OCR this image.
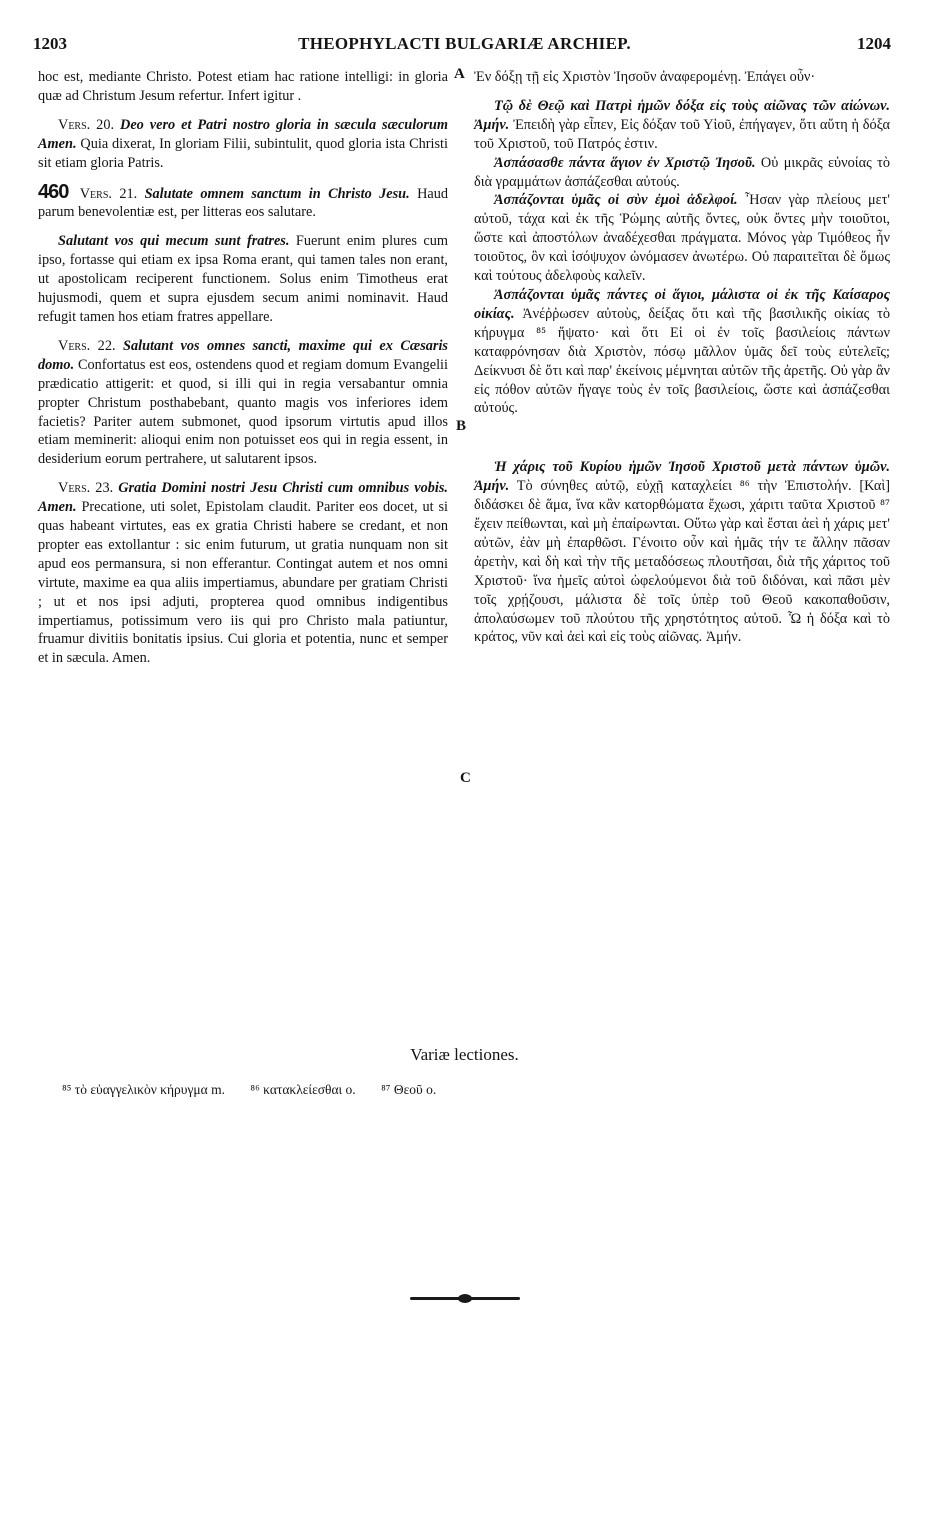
1203	THEOPHYLACTI BULGARIÆ ARCHIEP.	1204
A
B
C

hoc est, mediante Christo. Potest etiam hac ratione intelligi: in gloria quæ ad Christum Jesum refertur. Infert igitur .

Vers. 20. Deo vero et Patri nostro gloria in sæcula sæculorum Amen. Quia dixerat, In gloriam Filii, subintulit, quod gloria ista Christi sit etiam gloria Patris.

460 Vers. 21. Salutate omnem sanctum in Christo Jesu. Haud parum benevolentiæ est, per litteras eos salutare.

Salutant vos qui mecum sunt fratres. Fuerunt enim plures cum ipso, fortasse qui etiam ex ipsa Roma erant, qui tamen tales non erant, ut apostolicam reciperent functionem. Solus enim Timotheus erat hujusmodi, quem et supra ejusdem secum animi nominavit. Haud refugit tamen hos etiam fratres appellare.

Vers. 22. Salutant vos omnes sancti, maxime qui ex Cæsaris domo. Confortatus est eos, ostendens quod et regiam domum Evangelii prædicatio attigerit: et quod, si illi qui in regia versabantur omnia propter Christum posthabebant, quanto magis vos inferiores idem facietis? Pariter autem submonet, quod ipsorum virtutis apud illos etiam meminerit: alioqui enim non potuisset eos qui in regia essent, in desiderium eorum pertrahere, ut salutarent ipsos.

Vers. 23. Gratia Domini nostri Jesu Christi cum omnibus vobis. Amen. Precatione, uti solet, Epistolam claudit. Pariter eos docet, ut si quas habeant virtutes, eas ex gratia Christi habere se credant, et non propter eas extollantur : sic enim futurum, ut gratia nunquam non sit apud eos permansura, si non efferantur. Contingat autem et nos omni virtute, maxime ea qua aliis impertiamus, abundare per gratiam Christi ; ut et nos ipsi adjuti, propterea quod omnibus indigentibus impertiamus, potissimum vero iis qui pro Christo mala patiuntur, fruamur divitiis bonitatis ipsius. Cui gloria et potentia, nunc et semper et in sæcula. Amen.

Ἐν δόξῃ τῇ εἰς Χριστὸν Ἰησοῦν ἀναφερομένῃ. Ἐπάγει οὖν·

Τῷ δὲ Θεῷ καὶ Πατρὶ ἡμῶν δόξα εἰς τοὺς αἰῶνας τῶν αἰώνων. Ἀμήν. Ἐπειδὴ γὰρ εἶπεν, Εἰς δόξαν τοῦ Υἱοῦ, ἐπήγαγεν, ὅτι αὕτη ἡ δόξα τοῦ Χριστοῦ, τοῦ Πατρός ἐστιν.

Ἀσπάσασθε πάντα ἅγιον ἐν Χριστῷ Ἰησοῦ. Οὐ μικρᾶς εὐνοίας τὸ διὰ γραμμάτων ἀσπάζεσθαι αὐτούς.

Ἀσπάζονται ὑμᾶς οἱ σὺν ἐμοὶ ἀδελφοί. Ἦσαν γὰρ πλείους μετ' αὐτοῦ, τάχα καὶ ἐκ τῆς Ῥώμης αὐτῆς ὄντες, οὐκ ὄντες μὴν τοιοῦτοι, ὥστε καὶ ἀποστόλων ἀναδέχεσθαι πράγματα. Μόνος γὰρ Τιμόθεος ἦν τοιοῦτος, ὃν καὶ ἰσόψυχον ὠνόμασεν ἀνωτέρω. Οὐ παραιτεῖται δὲ ὅμως καὶ τούτους ἀδελφοὺς καλεῖν.

Ἀσπάζονται ὑμᾶς πάντες οἱ ἅγιοι, μάλιστα οἱ ἐκ τῆς Καίσαρος οἰκίας. Ἀνέῤῥωσεν αὐτοὺς, δείξας ὅτι καὶ τῆς βασιλικῆς οἰκίας τὸ κήρυγμα ⁸⁵ ἥψατο· καὶ ὅτι Εἰ οἱ ἐν τοῖς βασιλείοις πάντων καταφρόνησαν διὰ Χριστὸν, πόσῳ μᾶλλον ὑμᾶς δεῖ τοὺς εὐτελεῖς; Δείκνυσι δὲ ὅτι καὶ παρ' ἐκείνοις μέμνηται αὐτῶν τῆς ἀρετῆς. Οὐ γὰρ ἂν εἰς πόθον αὐτῶν ἤγαγε τοὺς ἐν τοῖς βασιλείοις, ὥστε καὶ ἀσπάζεσθαι αὐτούς.

Ἡ χάρις τοῦ Κυρίου ἡμῶν Ἰησοῦ Χριστοῦ μετὰ πάντων ὑμῶν. Ἀμήν. Τὸ σύνηθες αὐτῷ, εὐχῇ καταχλείει ⁸⁶ τὴν Ἐπιστολήν. [Καὶ] διδάσκει δὲ ἅμα, ἵνα κἂν κατορθώματα ἔχωσι, χάριτι ταῦτα Χριστοῦ ⁸⁷ ἔχειν πείθωνται, καὶ μὴ ἐπαίρωνται. Οὕτω γὰρ καὶ ἔσται ἀεὶ ἡ χάρις μετ' αὐτῶν, ἐὰν μὴ ἐπαρθῶσι. Γένοιτο οὖν καὶ ἡμᾶς τήν τε ἄλλην πᾶσαν ἀρετὴν, καὶ δὴ καὶ τὴν τῆς μεταδόσεως πλουτῆσαι, διὰ τῆς χάριτος τοῦ Χριστοῦ· ἵνα ἡμεῖς αὐτοὶ ὠφελούμενοι διὰ τοῦ διδόναι, καὶ πᾶσι μὲν τοῖς χρῄζουσι, μάλιστα δὲ τοῖς ὑπὲρ τοῦ Θεοῦ κακοπαθοῦσιν, ἀπολαύσωμεν τοῦ πλούτου τῆς χρηστότητος αὐτοῦ. Ὧ ἡ δόξα καὶ τὸ κράτος, νῦν καὶ ἀεὶ καὶ εἰς τοὺς αἰῶνας. Ἀμήν.

Variæ lectiones.
⁸⁵ τὸ εὐαγγελικὸν κήρυγμα m. ⁸⁶ κατακλείεσθαι o. ⁸⁷ Θεοῦ o.
